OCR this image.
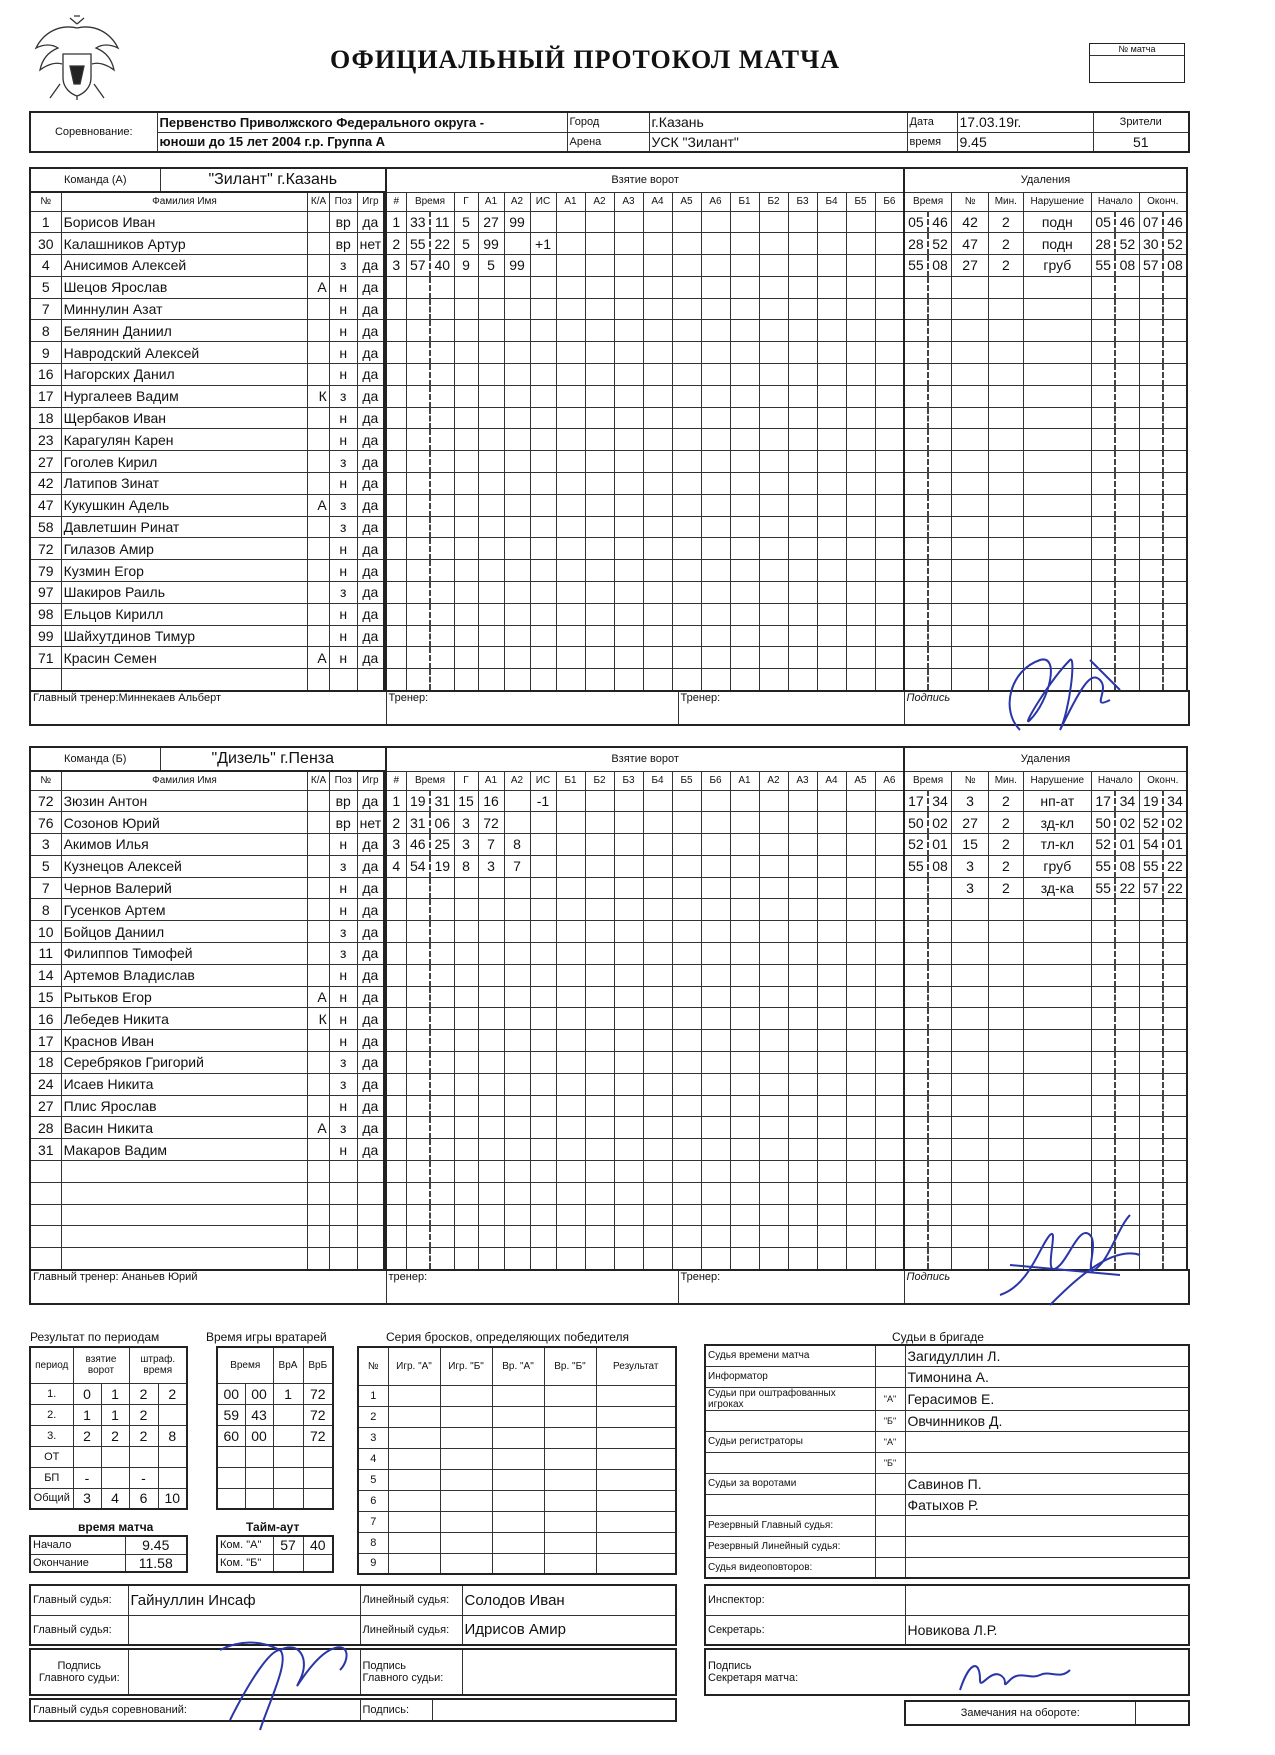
ОФИЦИАЛЬНЫЙ ПРОТОКОЛ МАТЧА	№ матча
Соревнование:	Первенство Приволжского Федерального округа -	Город	г.Казань	Дата	17.03.19г.	Зрители
	юноши до 15 лет 2004 г.р. Группа А	Арена	УСК "Зилант"	время	9.45	51
Команда (А)	"Зилант" г.Казань
№	Фамилия Имя	К/А	Поз	Игр
1	Борисов Иван		вр	да
30	Калашников Артур		вр	нет
4	Анисимов Алексей		з	да
5	Шецов Ярослав	А	н	да
7	Миннулин Азат		н	да
8	Белянин Даниил		н	да
9	Навродский Алексей		н	да
16	Нагорских Данил		н	да
17	Нургалеев Вадим	К	з	да
18	Щербаков Иван		н	да
23	Карагулян Карен		н	да
27	Гоголев Кирил		з	да
42	Латипов Зинат		н	да
47	Кукушкин Адель	А	з	да
58	Давлетшин Ринат		з	да
72	Гилазов Амир		н	да
79	Кузмин Егор		н	да
97	Шакиров Раиль		з	да
98	Ельцов Кирилл		н	да
99	Шайхутдинов Тимур		н	да
71	Красин Семен	А	н	да

Взятие ворот																		
#	Время		Г	А1	А2	ИС	А1	А2	А3	А4	А5	А6	Б1	Б2	Б3	Б4	Б5	Б6
1	33	11	5	27	99													
2	55	22	5	99		+1												
3	57	40	9	5	99													

Удаления								
Время		№	Мин.	Нарушение	Начало		Оконч.	
05	46	42	2	подн	05	46	07	46
28	52	47	2	подн	28	52	30	52
55	08	27	2	груб	55	08	57	08

Главный тренер:Миннекаев Альберт	Тренер:	Тренер:	Подпись
Команда (Б)	"Дизель" г.Пенза
№	Фамилия Имя	К/А	Поз	Игр
72	Зюзин Антон		вр	да
76	Созонов Юрий		вр	нет
3	Акимов Илья		н	да
5	Кузнецов Алексей		з	да
7	Чернов Валерий		н	да
8	Гусенков Артем		н	да
10	Бойцов Даниил		з	да
11	Филиппов Тимофей		з	да
14	Артемов Владислав		н	да
15	Рытьков Егор	А	н	да
16	Лебедев Никита	К	н	да
17	Краснов Иван		н	да
18	Серебряков Григорий		з	да
24	Исаев Никита		з	да
27	Плис Ярослав		н	да
28	Васин Никита	А	з	да
31	Макаров Вадим		н	да

Взятие ворот																		
#	Время		Г	А1	А2	ИС	Б1	Б2	Б3	Б4	Б5	Б6	А1	А2	А3	А4	А5	А6
1	19	31	15	16		-1												
2	31	06	3	72														
3	46	25	3	7	8													
4	54	19	8	3	7													

Удаления								
Время		№	Мин.	Нарушение	Начало		Оконч.	
17	34	3	2	нп-ат	17	34	19	34
50	02	27	2	зд-кл	50	02	52	02
52	01	15	2	тл-кл	52	01	54	01
55	08	3	2	груб	55	08	55	22
		3	2	зд-ка	55	22	57	22

Главный тренер: Ананьев Юрий	тренер:	Тренер:	Подпись
Результат по периодам
период	взятие ворот		штраф. время	
1.	0	1	2	2
2.	1	1	2	
3.	2	2	2	8
ОТ				
БП	-		-	
Общий	3	4	6	10
Время игры вратарей
Время		ВрА	ВрБ
00	00	1	72
59	43		72
60	00		72

время матча
Начало	9.45
Окончание	11.58
Тайм-аут
Ком. "А"	57	40
Ком. "Б"		
Серия бросков, определяющих победителя
№	Игр. "А"	Игр. "Б"	Вр. "А"	Вр. "Б"	Результат
1					
2					
3					
4					
5					
6					
7					
8					
9					
Судьи в бригаде
Судья времени матча		Загидуллин Л.
Информатор		Тимонина А.
Судьи при оштрафованных игроках	"А"	Герасимов Е.
	"Б"	Овчинников Д.
Судьи регистраторы	"А"	
	"Б"	
Судьи за воротами		Савинов П.
		Фатыхов Р.
Резервный Главный судья:		
Резервный Линейный судья:		
Судья видеоповторов:		
Главный судья:	Гайнуллин Инсаф	Линейный судья:	Солодов Иван
Главный судья:		Линейный судья:	Идрисов Амир
Подпись
Главного судьи:		Подпись
Главного судьи:	
Главный судья соревнований:	Подпись:	
Инспектор:	
Секретарь:	Новикова Л.Р.
Подпись
Секретаря матча:
Замечания на обороте:	
